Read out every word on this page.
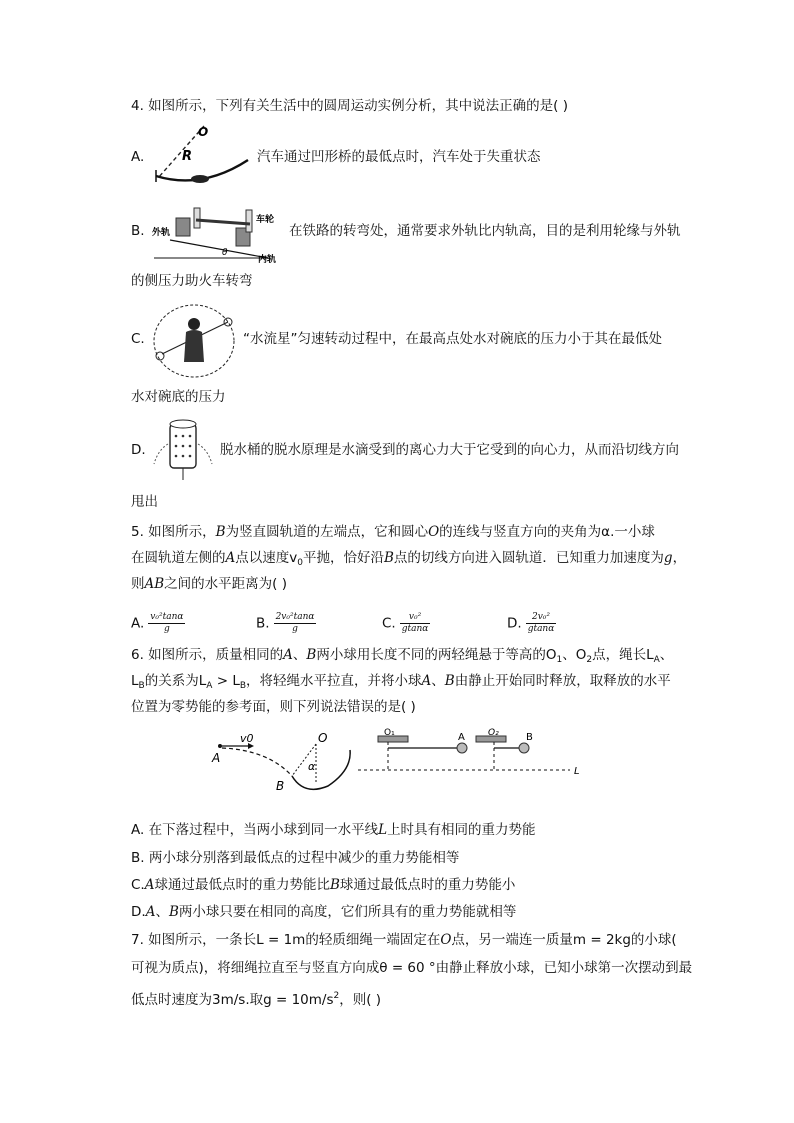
4. 如图所示，下列有关生活中的圆周运动实例分析，其中说法正确的是( )
A.
O
R	汽车通过凹形桥的最低点时，汽车处于失重状态
B. 外轨
车轮
内轨
θ
在铁路的转弯处，通常要求外轨比内轨高，目的是利用轮缘与外轨
的侧压力助火车转弯
C.	“水流星”匀速转动过程中，在最高点处水对碗底的压力小于其在最低处
水对碗底的压力
D.	脱水桶的脱水原理是水滴受到的离心力大于它受到的向心力，从而沿切线方向
甩出
5. 如图所示，B为竖直圆轨道的左端点，它和圆心O的连线与竖直方向的夹角为α.一小球
在圆轨道左侧的A点以速度$v_0$平抛，恰好沿B点的切线方向进入圆轨道．已知重力加速度为g，
则AB之间的水平距离为( )
A. $\frac{\text{v₀²tanα}}{g}$	B. $\frac{\text{2v₀²tanα}}{g}$	C. $\frac{\text{v₀²}}{gtan\alpha}$	D. $\frac{\text{2v₀²}}{gtan\alpha}$
6. 如图所示，质量相同的A、B两小球用长度不同的两轻绳悬于等高的$O_1$、$O_2$点，绳长$L_A$、
$L_B$的关系为$L_A > L_B$，将轻绳水平拉直，并将小球A、B由静止开始同时释放，取释放的水平
位置为零势能的参考面，则下列说法错误的是( )
v0
A
O
α
B
O₁	A	O₂	B
L
A. 在下落过程中，当两小球到同一水平线L上时具有相同的重力势能
B. 两小球分别落到最低点的过程中减少的重力势能相等
C.A球通过最低点时的重力势能比B球通过最低点时的重力势能小
D.A、B两小球只要在相同的高度，它们所具有的重力势能就相等
7. 如图所示，一条长L = 1m的轻质细绳一端固定在O点，另一端连一质量m = 2kg的小球(
可视为质点)，将细绳拉直至与竖直方向成θ = 60 °由静止释放小球，已知小球第一次摆动到最
低点时速度为3m/s.取$g = 10m/s^2$，则( )
